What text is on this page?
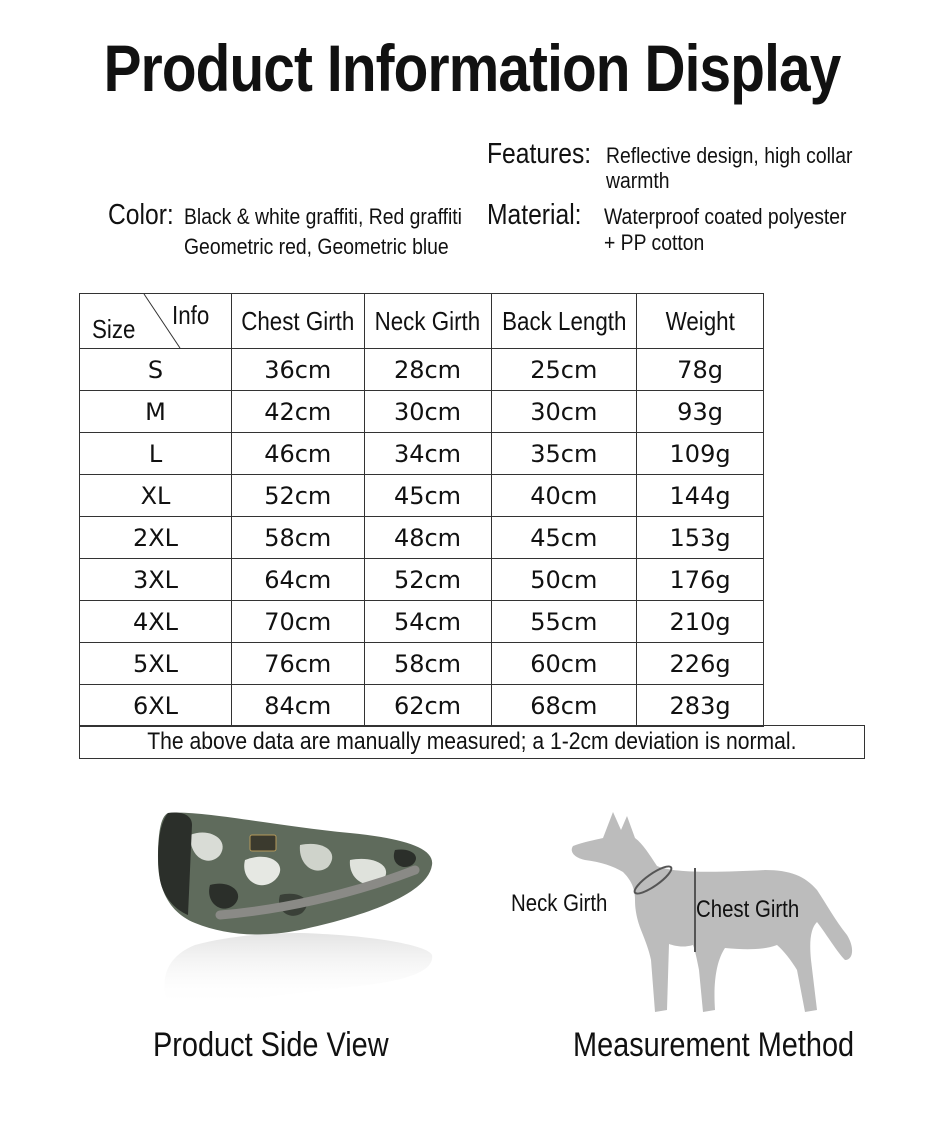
Product Information Display
Features: Reflective design, high collar
warmth
Color: Black & white graffiti, Red graffiti
Geometric red, Geometric blue
Material: Waterproof coated polyester
+ PP cotton
Size Info	Chest Girth	Neck Girth	Back Length	Weight
S	36cm	28cm	25cm	78g
M	42cm	30cm	30cm	93g
L	46cm	34cm	35cm	109g
XL	52cm	45cm	40cm	144g
2XL	58cm	48cm	45cm	153g
3XL	64cm	52cm	50cm	176g
4XL	70cm	54cm	55cm	210g
5XL	76cm	58cm	60cm	226g
6XL	84cm	62cm	68cm	283g
The above data are manually measured; a 1-2cm deviation is normal.
Neck Girth	Chest Girth
Product Side View	Measurement Method
